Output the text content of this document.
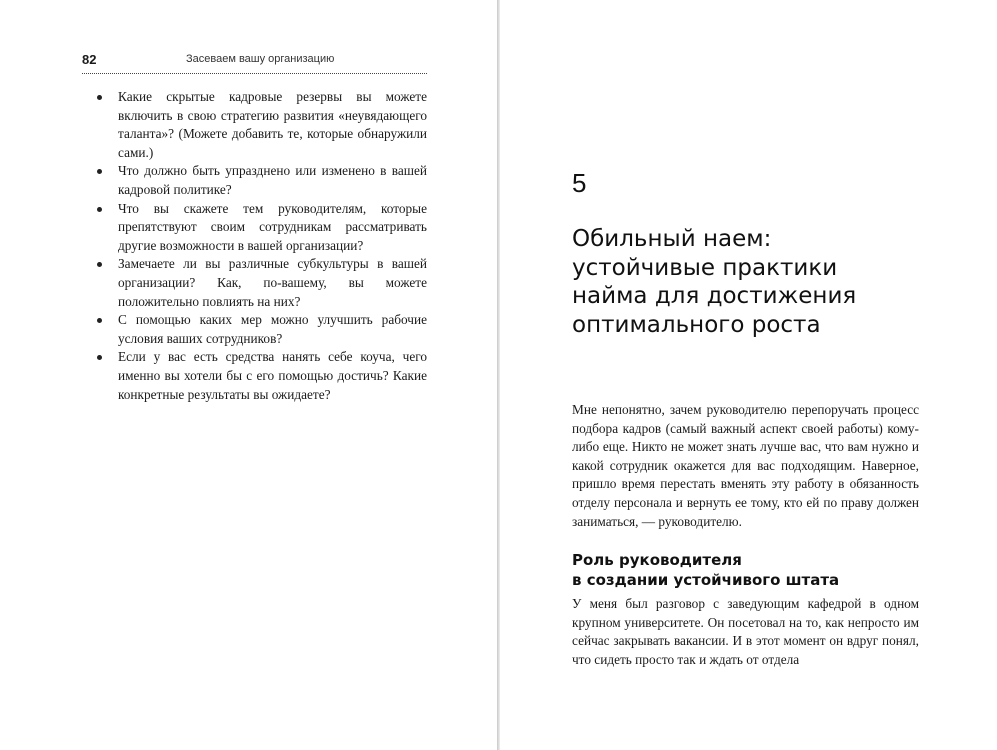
82	Засеваем вашу организацию
Какие скрытые кадровые резервы вы можете включить в свою стратегию развития «неувядающего таланта»? (Можете добавить те, которые обнаружили сами.)
Что должно быть упразднено или изменено в вашей кадровой политике?
Что вы скажете тем руководителям, которые препятствуют своим сотрудникам рассматривать другие возможности в вашей организации?
Замечаете ли вы различные субкультуры в вашей организации? Как, по-вашему, вы можете положительно повлиять на них?
С помощью каких мер можно улучшить рабочие условия ваших сотрудников?
Если у вас есть средства нанять себе коуча, чего именно вы хотели бы с его помощью достичь? Какие конкретные результаты вы ожидаете?
5
Обильный наем:
устойчивые практики
найма для достижения
оптимального роста

Мне непонятно, зачем руководителю перепоручать процесс подбора кадров (самый важный аспект своей работы) кому-либо еще. Никто не может знать лучше вас, что вам нужно и какой сотрудник окажется для вас подходящим. Наверное, пришло время перестать вменять эту работу в обязанность отделу персонала и вернуть ее тому, кто ей по праву должен заниматься, — руководителю.

Роль руководителя
в создании устойчивого штата

У меня был разговор с заведующим кафедрой в одном крупном университете. Он посетовал на то, как непросто им сейчас закрывать вакансии. И в этот момент он вдруг понял, что сидеть просто так и ждать от отдела
